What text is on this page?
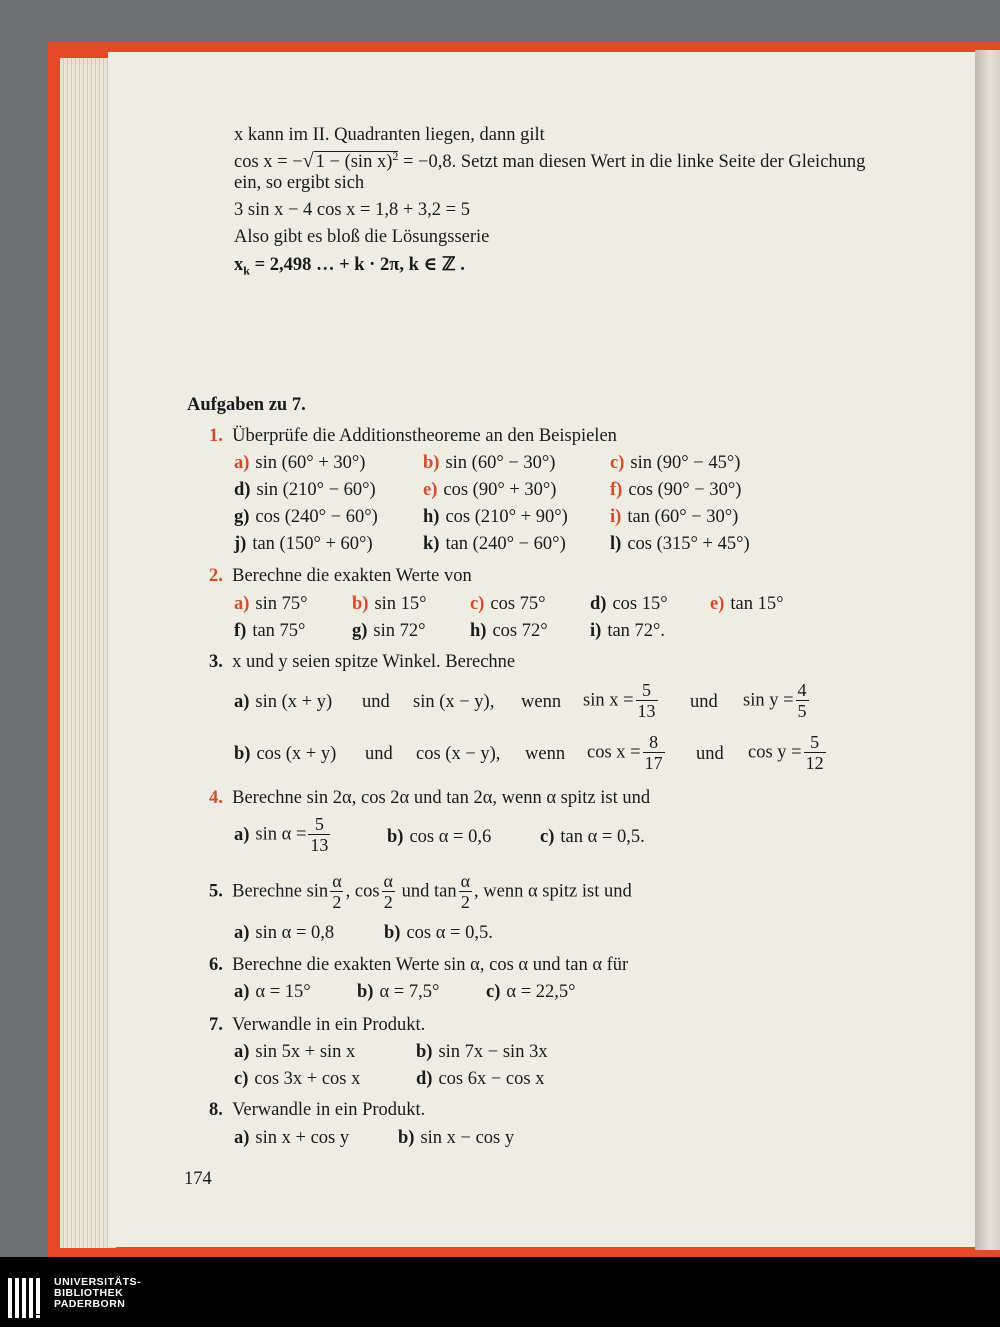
x kann im II. Quadranten liegen, dann gilt
cos x = −√ 1 − (sin x)$^2$ = −0,8. Setzt man diesen Wert in die linke Seite der Gleichung
ein, so ergibt sich
3 sin x − 4 cos x = 1,8 + 3,2 = 5
Also gibt es bloß die Lösungsserie
$x_k = 2,498$ … + k · 2π, k ∈ ℤ .
Aufgaben zu 7.
1. Überprüfe die Additionstheoreme an den Beispielen
a) sin (60° + 30°)	b) sin (60° − 30°)	c) sin (90° − 45°)
d) sin (210° − 60°)	e) cos (90° + 30°)	f) cos (90° − 30°)
g) cos (240° − 60°) h) cos (210° + 90°) i) tan (60° − 30°)
j) tan (150° + 60°)	k) tan (240° − 60°) l) cos (315° + 45°)
2. Berechne die exakten Werte von
a) sin 75° b) sin 15° c) cos 75° d) cos 15° e) tan 15°
f) tan 75°	g) sin 72° h) cos 72° i) tan 72°.
3. x und y seien spitze Winkel. Berechne
a) sin (x + y) und sin (x − y), wenn $\sin x = \frac{5}{13}$ und $\sin y = \frac{4}{5}$
b) cos (x + y) und cos (x − y), wenn $\cos x = \frac{8}{17}$ und $\cos y = \frac{5}{12}$
4. Berechne sin 2α, cos 2α und tan 2α, wenn α spitz ist und
a) $\sin \alpha = \frac{5}{13}$	b) cos α = 0,6	c) tan α = 0,5.
5. Berechne $\sin \frac{\alpha}{2}$ , $\cos \frac{\alpha}{2}$ und $\tan \frac{\alpha}{2}$ , wenn α spitz ist und
a) sin α = 0,8	b) cos α = 0,5.
6. Berechne die exakten Werte sin α, cos α und tan α für
a) α = 15°	b) α = 7,5°	c) α = 22,5°
7. Verwandle in ein Produkt.
a) sin 5x + sin x	b) sin 7x − sin 3x
c) cos 3x + cos x	d) cos 6x − cos x
8. Verwandle in ein Produkt.
a) sin x + cos y	b) sin x − cos y
174
UNIVERSITÄTS-
BIBLIOTHEK
PADERBORN
